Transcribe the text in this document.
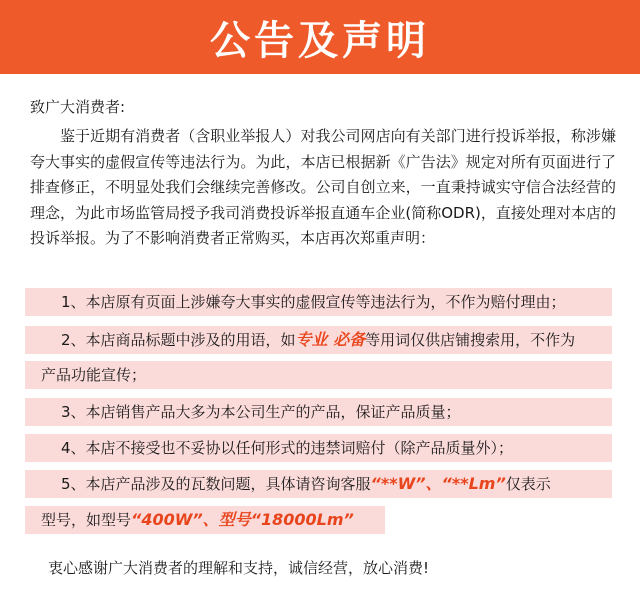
公告及声明
致广大消费者:

鉴于近期有消费者（含职业举报人）对我公司网店向有关部门进行投诉举报，称涉嫌夸大事实的虚假宣传等违法行为。为此，本店已根据新《广告法》规定对所有页面进行了排查修正，不明显处我们会继续完善修改。公司自创立来，一直秉持诚实守信合法经营的理念，为此市场监管局授予我司消费投诉举报直通车企业(简称ODR)，直接处理对本店的投诉举报。为了不影响消费者正常购买，本店再次郑重声明：

1、本店原有页面上涉嫌夸大事实的虚假宣传等违法行为，不作为赔付理由；
2、本店商品标题中涉及的用语，如专业 必备等用词仅供店铺搜索用，不作为
产品功能宣传；
3、本店销售产品大多为本公司生产的产品，保证产品质量；
4、本店不接受也不妥协以任何形式的违禁词赔付（除产品质量外）；
5、本店产品涉及的瓦数问题，具体请咨询客服“**W”、“**Lm”仅表示
型号，如型号“400W”、型号“18000Lm”
衷心感谢广大消费者的理解和支持，诚信经营，放心消费!
